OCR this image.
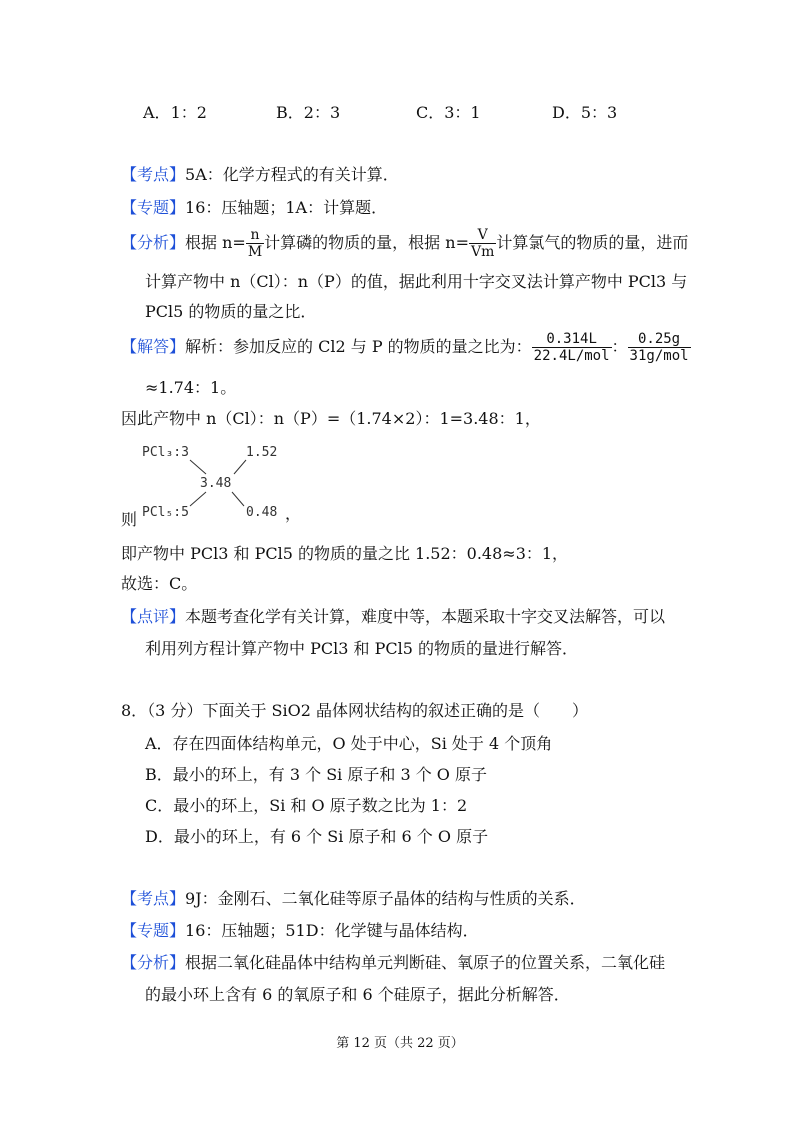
A．1：2	B．2：3	C．3：1	D．5：3
【考点】5A：化学方程式的有关计算．
【专题】16：压轴题；1A：计算题．
【分析】根据 $n= \frac{n}{M}$ 计算磷的物质的量，根据 $n= \frac{V}{Vm}$ 计算氯气的物质的量，进而
计算产物中 n（Cl）：n（P）的值，据此利用十字交叉法计算产物中 PCl3 与
PCl5 的物质的量之比．
【解答】解析：参加反应的 Cl2 与 P 的物质的量之比为： $\frac{0.314L}{\text{22.4L/mol}}$ ： $\frac{0.25g}{\text{31g/mol}}$
≈1.74：1。
因此产物中 n（Cl）：n（P）=（1.74×2）：1=3.48：1，
PCl₃:3	1.52
3.48
PCl₅:5	0.48
则	，
即产物中 PCl3 和 PCl5 的物质的量之比 1.52：0.48≈3：1，
故选：C。
【点评】本题考查化学有关计算，难度中等，本题采取十字交叉法解答，可以
利用列方程计算产物中 PCl3 和 PCl5 的物质的量进行解答．
8．（3 分）下面关于 SiO2 晶体网状结构的叙述正确的是（　　）
A．存在四面体结构单元，O 处于中心，Si 处于 4 个顶角
B．最小的环上，有 3 个 Si 原子和 3 个 O 原子
C．最小的环上，Si 和 O 原子数之比为 1：2
D．最小的环上，有 6 个 Si 原子和 6 个 O 原子
【考点】9J：金刚石、二氧化硅等原子晶体的结构与性质的关系．
【专题】16：压轴题；51D：化学键与晶体结构．
【分析】根据二氧化硅晶体中结构单元判断硅、氧原子的位置关系，二氧化硅
的最小环上含有 6 的氧原子和 6 个硅原子，据此分析解答．
第 12 页（共 22 页）
